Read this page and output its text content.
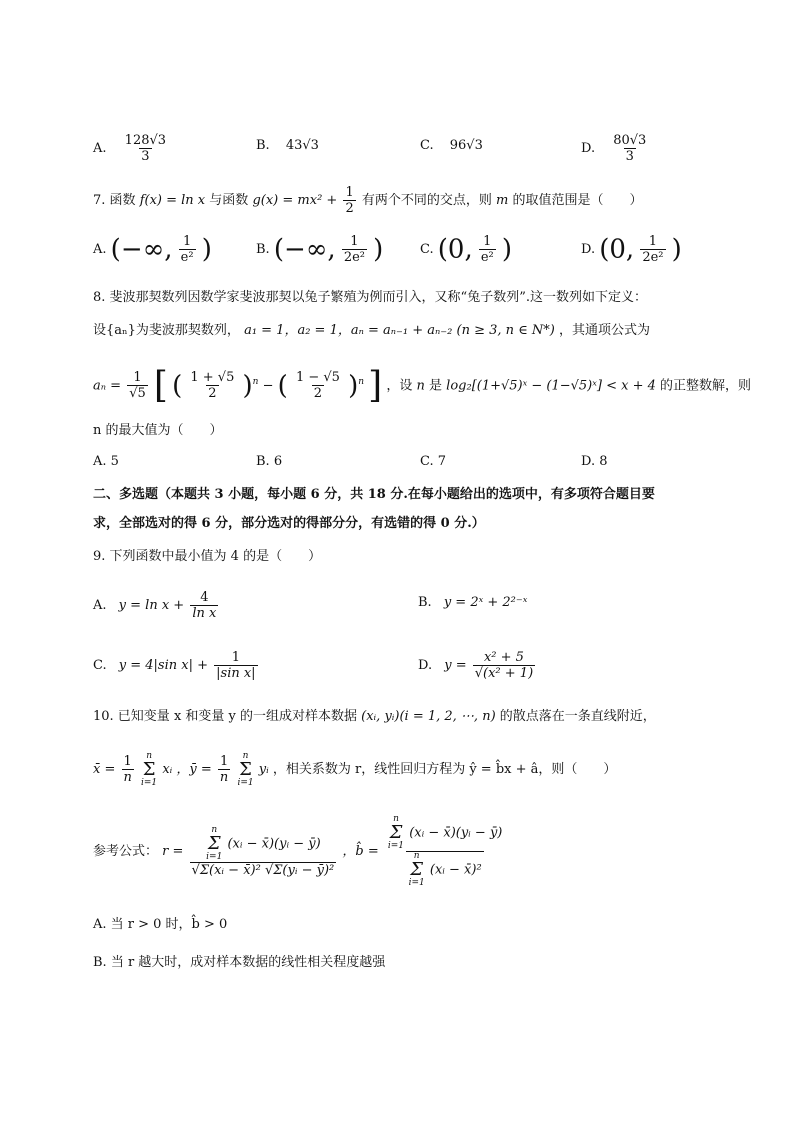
A. $\frac{128√3}{3}$	B. 43√3	C. 96√3	D. $\frac{80√3}{3}$
7. 函数 f(x) = ln x 与函数 $g(x) = mx^2 + \frac{1}{2}$ 有两个不同的交点，则 m 的取值范围是（　　）
A. (−∞, $\frac{1}{\text{e²}}$ )	B. (−∞, $\frac{1}{\text{2e²}}$ )	C. (0, $\frac{1}{\text{e²}}$ )	D. (0, $\frac{1}{\text{2e²}}$ )
8. 斐波那契数列因数学家斐波那契以兔子繁殖为例而引入，又称“兔子数列”.这一数列如下定义：
设{aₙ}为斐波那契数列， a₁ = 1，a₂ = 1，aₙ = aₙ₋₁ + aₙ₋₂ (n ≥ 3, n ∈ N*) ，其通项公式为
$a_n = \frac{1}{√5}$ [ ( $\frac{1 + √5}{2} )^n$ − ( $\frac{1 - √5}{2} )^n$ ] ，设 n 是 log₂[(1+√5)ˣ − (1−√5)ˣ] < x + 4 的正整数解，则
n 的最大值为（　　）
A. 5	B. 6	C. 7	D. 8
二、多选题（本题共 3 小题，每小题 6 分，共 18 分.在每小题给出的选项中，有多项符合题目要
求，全部选对的得 6 分，部分选对的得部分分，有选错的得 0 分.）
9. 下列函数中最小值为 4 的是（　　）
A. $y = \ln x + \frac{4}{\text{ln x}}$	B. y = 2ˣ + 2²⁻ˣ
C. y = 4|sin $x| + \frac{1}{\text{|sin x|}}$	D. $y = \frac{\text{x² + 5}}{\text{√(x² + 1)}}$
10. 已知变量 x 和变量 y 的一组成对样本数据 (xᵢ, yᵢ)(i = 1, 2, ⋯, n) 的散点落在一条直线附近，
x̄ = $\frac{1}{n}$
n
Σ
i=1
xᵢ ，ȳ = $\frac{1}{n}$
n
Σ
i=1
yᵢ ，相关系数为 r，线性回归方程为 ŷ = b̂x + â，则（　　）
参考公式： r =
n
Σ
i=1
(xᵢ − x̄)(yᵢ − ȳ)
√Σ(xᵢ − x̄)² √Σ(yᵢ − ȳ)²
，b̂ =
n
Σ
i=1
(xᵢ − x̄)(yᵢ − ȳ)
n
Σ
i=1
(xᵢ − x̄)²
A. 当 r > 0 时，b̂ > 0
B. 当 r 越大时，成对样本数据的线性相关程度越强
